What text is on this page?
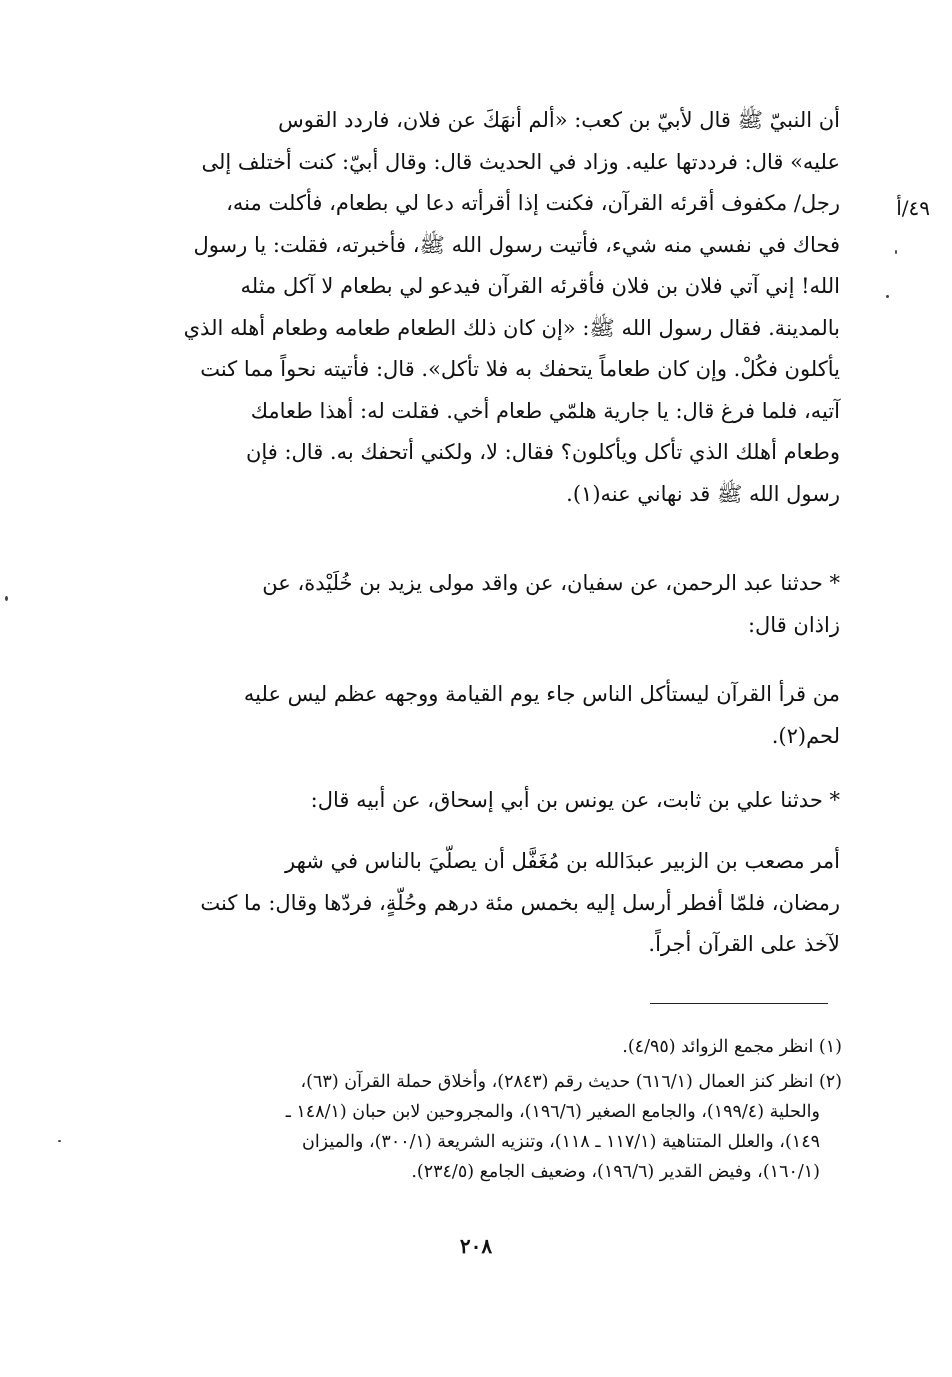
٤٩/أ
أن النبيّ ﷺ قال لأبيّ بن كعب: «ألم أنهَكَ عن فلان، فاردد القوس
عليه» قال: فرددتها عليه. وزاد في الحديث قال: وقال أبيّ: كنت أختلف إلى
رجل/ مكفوف أقرئه القرآن، فكنت إذا أقرأته دعا لي بطعام، فأكلت منه،
فحاك في نفسي منه شيء، فأتيت رسول الله ﷺ، فأخبرته، فقلت: يا رسول
الله! إني آتي فلان بن فلان فأقرئه القرآن فيدعو لي بطعام لا آكل مثله
بالمدينة. فقال رسول الله ﷺ: «إن كان ذلك الطعام طعامه وطعام أهله الذي
يأكلون فكُلْ. وإن كان طعاماً يتحفك به فلا تأكل». قال: فأتيته نحواً مما كنت
آتيه، فلما فرغ قال: يا جارية هلمّي طعام أخي. فقلت له: أهذا طعامك
وطعام أهلك الذي تأكل ويأكلون؟ فقال: لا، ولكني أتحفك به. قال: فإن
رسول الله ﷺ قد نهاني عنه(١).
* حدثنا عبد الرحمن، عن سفيان، عن واقد مولى يزيد بن خُلَيْدة، عن
زاذان قال:
من قرأ القرآن ليستأكل الناس جاء يوم القيامة ووجهه عظم ليس عليه
لحم(٢).
* حدثنا علي بن ثابت، عن يونس بن أبي إسحاق، عن أبيه قال:
أمر مصعب بن الزبير عبدَالله بن مُغَفَّل أن يصلّيَ بالناس في شهر
رمضان، فلمّا أفطر أرسل إليه بخمس مئة درهم وحُلّةٍ، فردّها وقال: ما كنت
لآخذ على القرآن أجراً.
(١) انظر مجمع الزوائد (٤/٩٥).
(٢) انظر كنز العمال (٦١٦/١) حديث رقم (٢٨٤٣)، وأخلاق حملة القرآن (٦٣)،
والحلية (١٩٩/٤)، والجامع الصغير (١٩٦/٦)، والمجروحين لابن حبان (١٤٨/١ ـ
١٤٩)، والعلل المتناهية (١١٧/١ ـ ١١٨)، وتنزيه الشريعة (٣٠٠/١)، والميزان
(١٦٠/١)، وفيض القدير (١٩٦/٦)، وضعيف الجامع (٢٣٤/٥).
٢٠٨
